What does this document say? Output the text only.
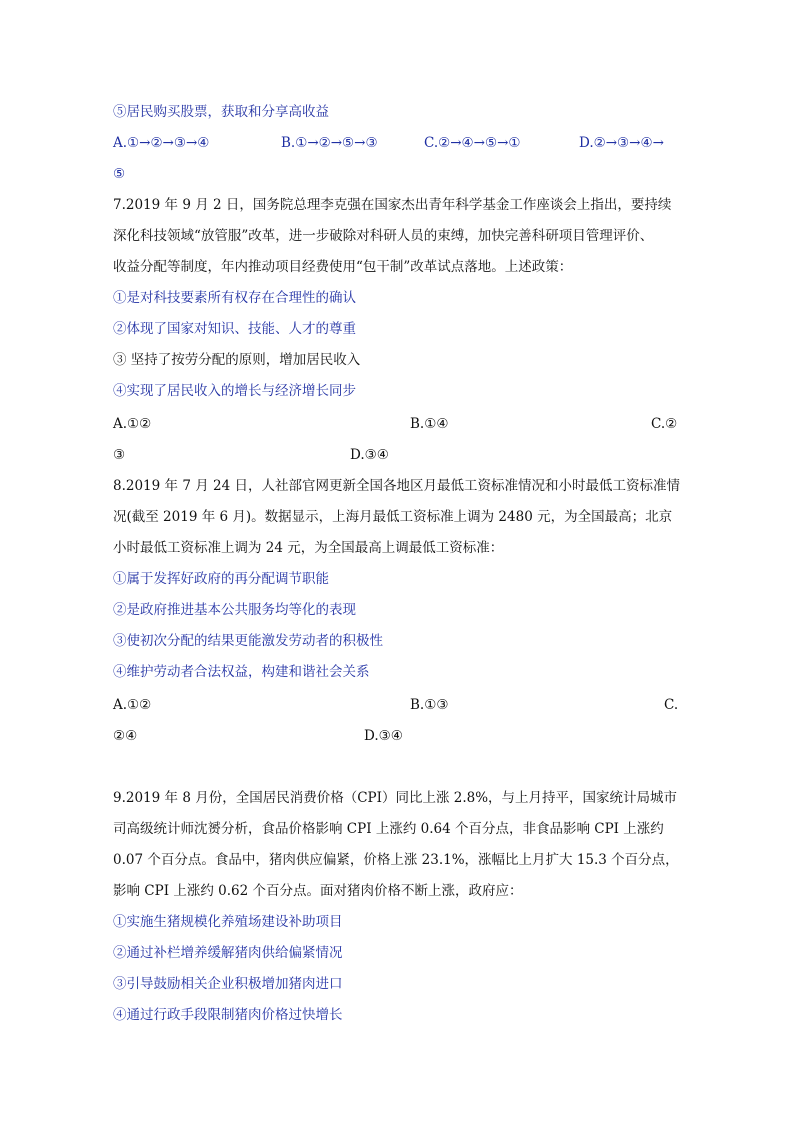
⑤居民购买股票，获取和分享高收益
A.①→②→③→④	B.①→②→⑤→③	C.②→④→⑤→①	D.②→③→④→
⑤
7.2019 年 9 月 2 日，国务院总理李克强在国家杰出青年科学基金工作座谈会上指出，要持续
深化科技领域“放管服”改革，进一步破除对科研人员的束缚，加快完善科研项目管理评价、
收益分配等制度，年内推动项目经费使用“包干制”改革试点落地。上述政策：
①是对科技要素所有权存在合理性的确认
②体现了国家对知识、技能、人才的尊重
③ 坚持了按劳分配的原则，增加居民收入
④实现了居民收入的增长与经济增长同步
A.①②	B.①④	C.②
③	D.③④
8.2019 年 7 月 24 日，人社部官网更新全国各地区月最低工资标准情况和小时最低工资标准情
况(截至 2019 年 6 月)。数据显示，上海月最低工资标准上调为 2480 元，为全国最高；北京
小时最低工资标准上调为 24 元，为全国最高上调最低工资标准：
①属于发挥好政府的再分配调节职能
②是政府推进基本公共服务均等化的表现
③使初次分配的结果更能激发劳动者的积极性
④维护劳动者合法权益，构建和谐社会关系
A.①②	B.①③	C.
②④	D.③④
9.2019 年 8 月份，全国居民消费价格（CPI）同比上涨 2.8%，与上月持平，国家统计局城市
司高级统计师沈赟分析，食品价格影响 CPI 上涨约 0.64 个百分点，非食品影响 CPI 上涨约
0.07 个百分点。食品中，猪肉供应偏紧，价格上涨 23.1%，涨幅比上月扩大 15.3 个百分点，
影响 CPI 上涨约 0.62 个百分点。面对猪肉价格不断上涨，政府应：
①实施生猪规模化养殖场建设补助项目
②通过补栏增养缓解猪肉供给偏紧情况
③引导鼓励相关企业积极增加猪肉进口
④通过行政手段限制猪肉价格过快增长
